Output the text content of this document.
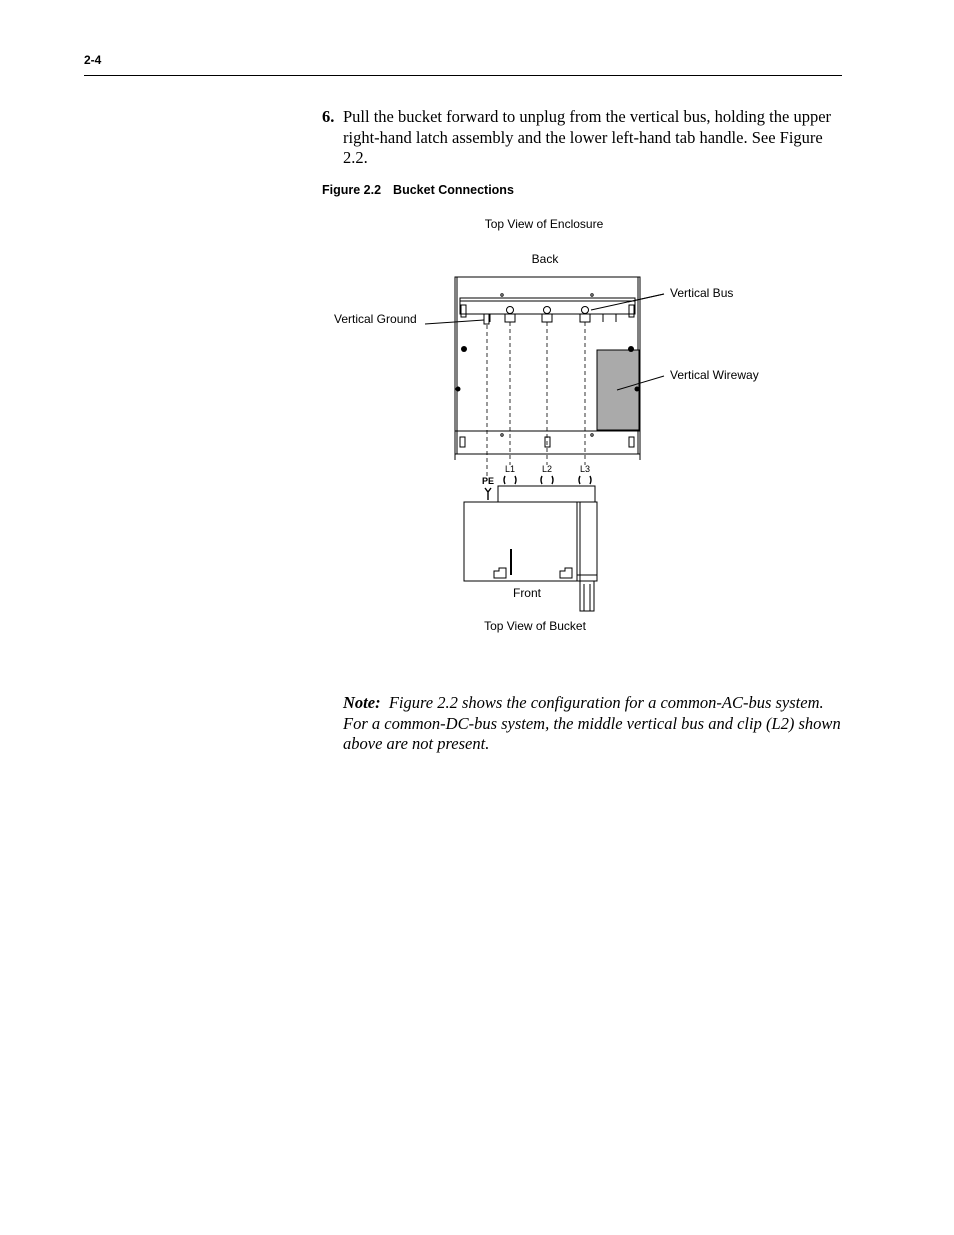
2-4
6. Pull the bucket forward to unplug from the vertical bus, holding the upper right-hand latch assembly and the lower left-hand tab handle. See Figure 2.2.
Figure 2.2 Bucket Connections
Top View of Enclosure
Back
Vertical Bus
Vertical Ground
Vertical Wireway
L1	L2	L3
PE
Front
Top View of Bucket
Note: Figure 2.2 shows the configuration for a common-AC-bus system. For a common-DC-bus system, the middle vertical bus and clip (L2) shown above are not present.
